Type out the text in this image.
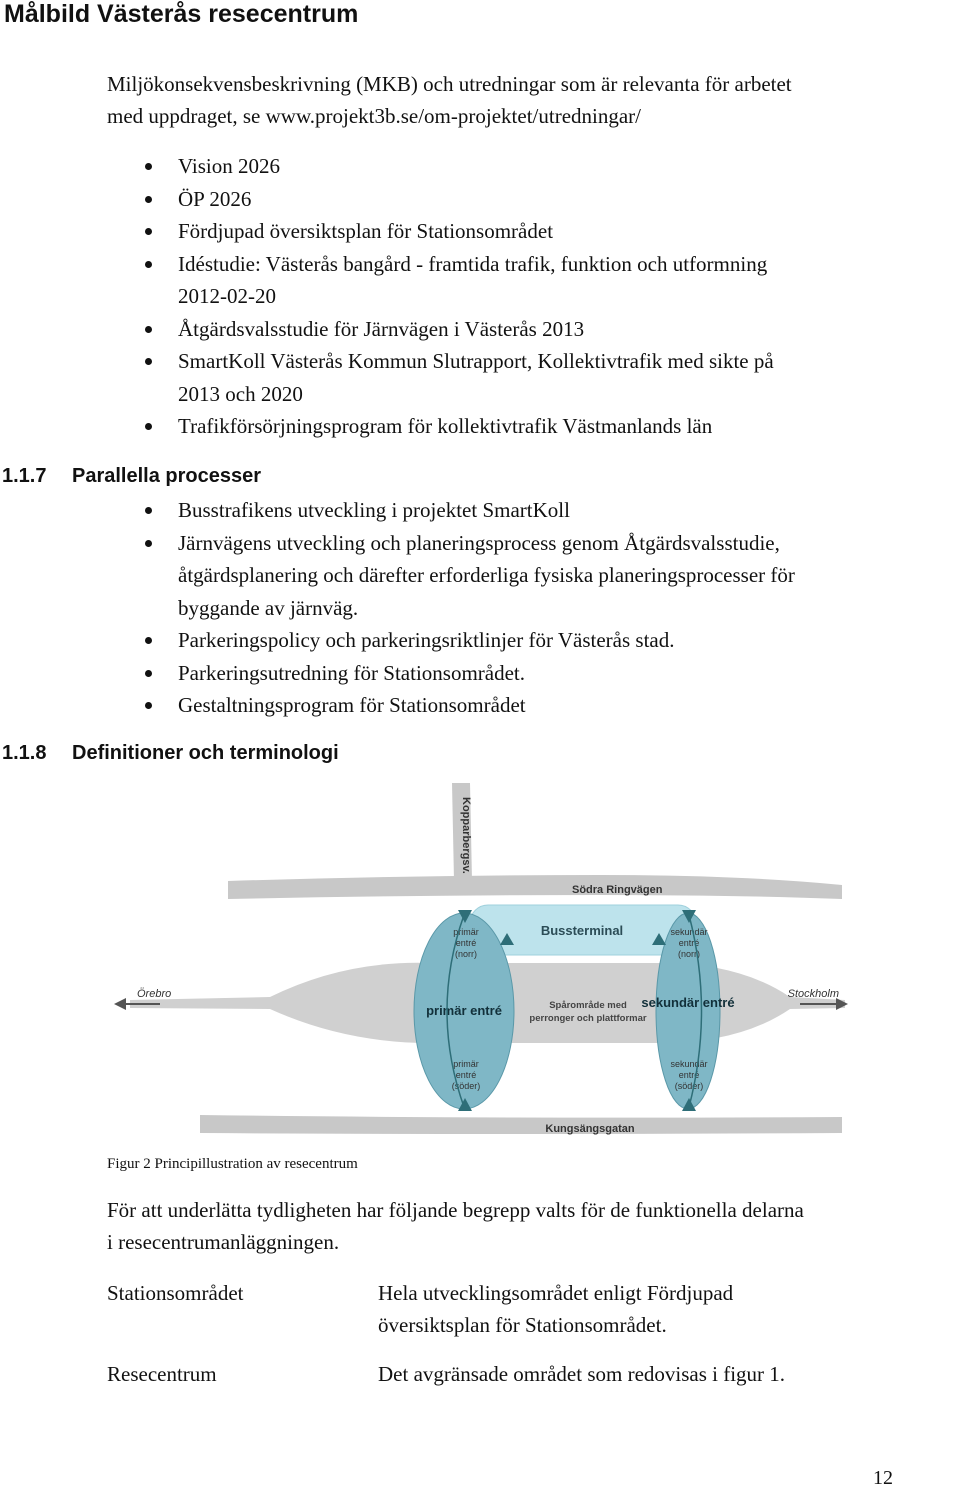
Målbild Västerås resecentrum
Miljökonsekvensbeskrivning (MKB) och utredningar som är relevanta för arbetet
med uppdraget, se www.projekt3b.se/om-projektet/utredningar/
Vision 2026
ÖP 2026
Fördjupad översiktsplan för Stationsområdet
Idéstudie: Västerås bangård - framtida trafik, funktion och utformning
2012-02-20
Åtgärdsvalsstudie för Järnvägen i Västerås 2013
SmartKoll Västerås Kommun Slutrapport, Kollektivtrafik med sikte på
2013 och 2020
Trafikförsörjningsprogram för kollektivtrafik Västmanlands län
1.1.7 Parallella processer
Busstrafikens utveckling i projektet SmartKoll
Järnvägens utveckling och planeringsprocess genom Åtgärdsvalsstudie,
åtgärdsplanering och därefter erforderliga fysiska planeringsprocesser för
byggande av järnväg.
Parkeringspolicy och parkeringsriktlinjer för Västerås stad.
Parkeringsutredning för Stationsområdet.
Gestaltningsprogram för Stationsområdet
1.1.8 Definitioner och terminologi
Kopparbergsv.
Södra Ringvägen
Örebro	Stockholm
Bussterminal
primär entré
sekundär entré
Spårområde med
perronger och plattformar
primär
entré
(norr)
primär
entré
(söder)
sekundär
entré
(norr)
sekundär
entré
(söder)
Kungsängsgatan
Figur 2 Principillustration av resecentrum
För att underlätta tydligheten har följande begrepp valts för de funktionella delarna
i resecentrumanläggningen.
Stationsområdet	Hela utvecklingsområdet enligt Fördjupad
översiktsplan för Stationsområdet.
Resecentrum	Det avgränsade området som redovisas i figur 1.
12
